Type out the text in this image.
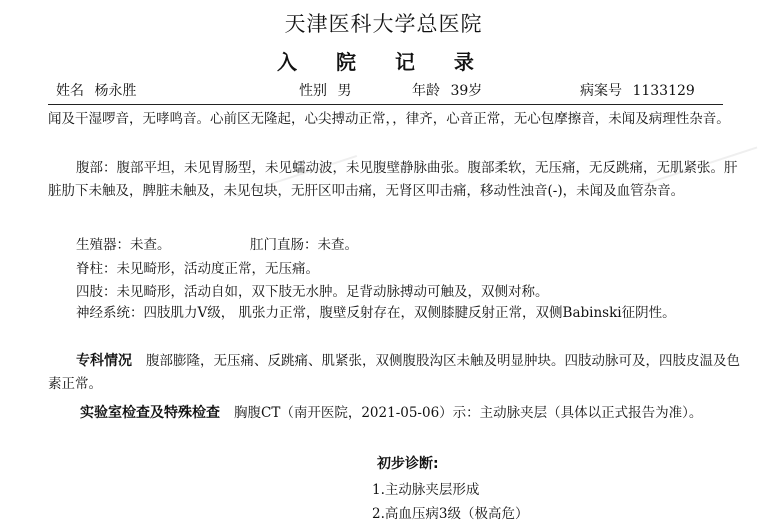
天津医科大学总医院
入 院 记 录
姓名 杨永胜	性别 男	年龄 39岁	病案号 1133129
闻及干湿啰音，无哮鸣音。心前区无隆起，心尖搏动正常，，律齐，心音正常，无心包摩擦音，未闻及病理性杂音。
腹部：腹部平坦，未见胃肠型，未见蠕动波，未见腹壁静脉曲张。腹部柔软，无压痛，无反跳痛，无肌紧张。肝脏肋下未触及，脾脏未触及，未见包块，无肝区叩击痛，无肾区叩击痛，移动性浊音(-)，未闻及血管杂音。
生殖器：未查。	肛门直肠：未查。
脊柱：未见畸形，活动度正常，无压痛。
四肢：未见畸形，活动自如，双下肢无水肿。足背动脉搏动可触及，双侧对称。
神经系统：四肢肌力Ⅴ级， 肌张力正常，腹壁反射存在，双侧膝腱反射正常，双侧Babinski征阴性。
专科情况 腹部膨隆，无压痛、反跳痛、肌紧张，双侧腹股沟区未触及明显肿块。四肢动脉可及，四肢皮温及色素正常。
实验室检查及特殊检查 胸腹CT（南开医院，2021-05-06）示：主动脉夹层（具体以正式报告为准）。
初步诊断:
1.主动脉夹层形成
2.高血压病3级（极高危）
